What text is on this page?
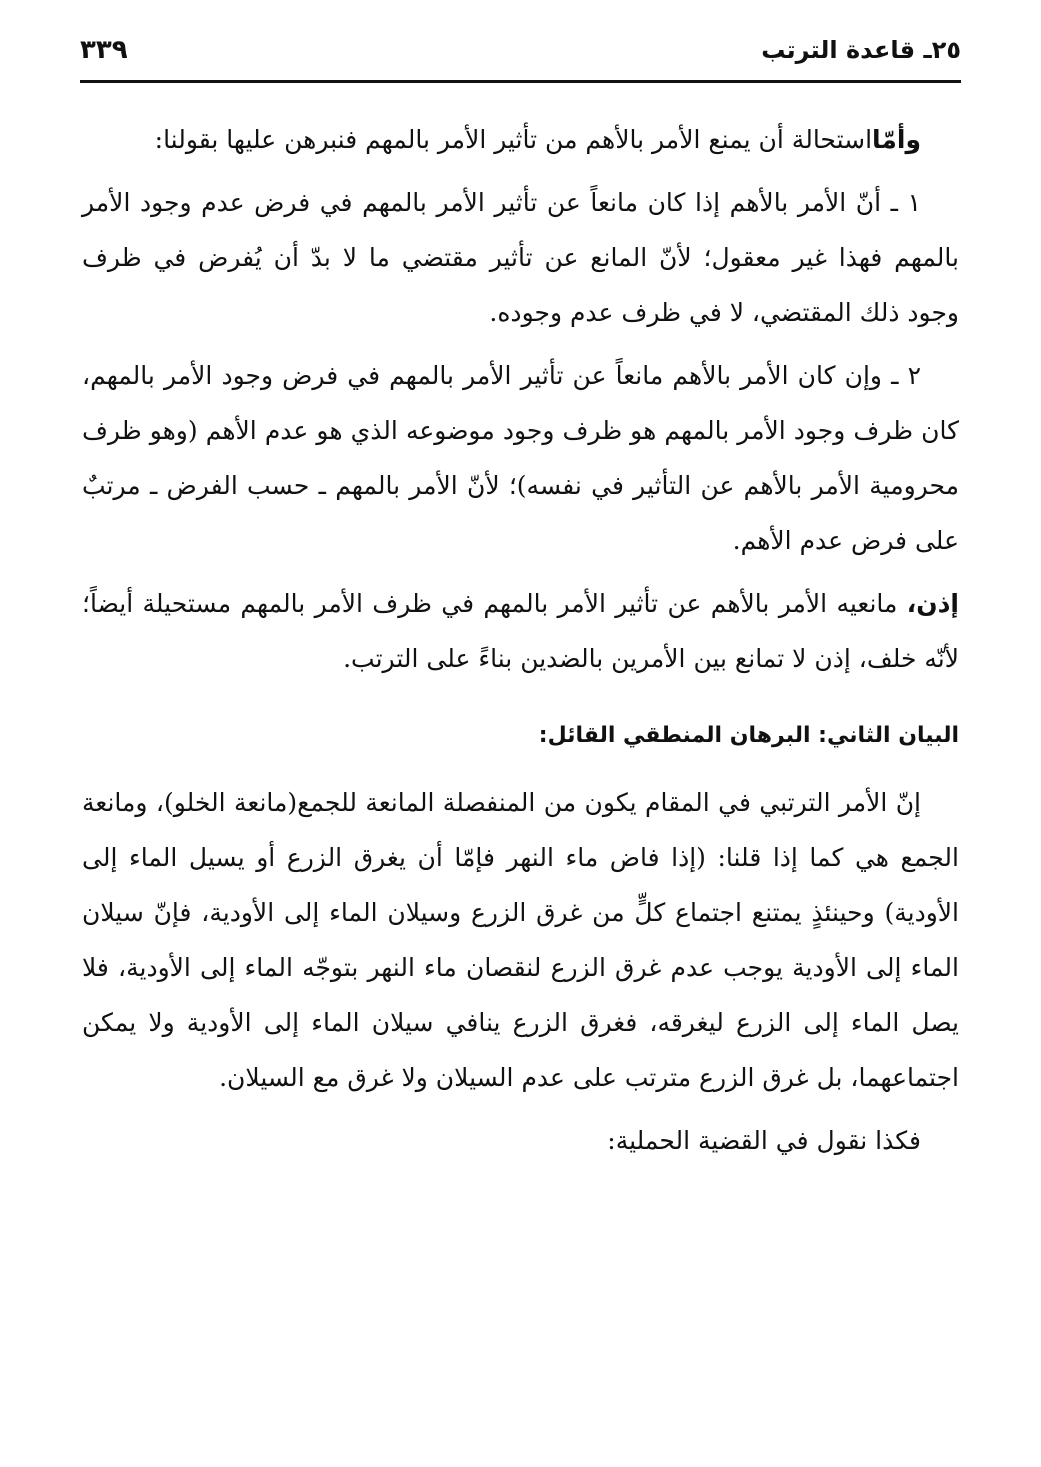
٢٥ـ قاعدة الترتب
٣٣٩

وأمّااستحالة أن يمنع الأمر بالأهم من تأثير الأمر بالمهم فنبرهن عليها بقولنا:

١ ـ أنّ الأمر بالأهم إذا كان مانعاً عن تأثير الأمر بالمهم في فرض عدم وجود الأمر بالمهم فهذا غير معقول؛ لأنّ المانع عن تأثير مقتضي ما لا بدّ أن يُفرض في ظرف وجود ذلك المقتضي، لا في ظرف عدم وجوده.

٢ ـ وإن كان الأمر بالأهم مانعاً عن تأثير الأمر بالمهم في فرض وجود الأمر بالمهم، كان ظرف وجود الأمر بالمهم هو ظرف وجود موضوعه الذي هو عدم الأهم (وهو ظرف محرومية الأمر بالأهم عن التأثير في نفسه)؛ لأنّ الأمر بالمهم ـ حسب الفرض ـ مرتبٌ على فرض عدم الأهم.

إذن، مانعيه الأمر بالأهم عن تأثير الأمر بالمهم في ظرف الأمر بالمهم مستحيلة أيضاً؛ لأنّه خلف، إذن لا تمانع بين الأمرين بالضدين بناءً على الترتب.

البيان الثاني: البرهان المنطقي القائل:

إنّ الأمر الترتبي في المقام يكون من المنفصلة المانعة للجمع(مانعة الخلو)، ومانعة الجمع هي كما إذا قلنا: (إذا فاض ماء النهر فإمّا أن يغرق الزرع أو يسيل الماء إلى الأودية) وحينئذٍ يمتنع اجتماع كلٍّ من غرق الزرع وسيلان الماء إلى الأودية، فإنّ سيلان الماء إلى الأودية يوجب عدم غرق الزرع لنقصان ماء النهر بتوجّه الماء إلى الأودية، فلا يصل الماء إلى الزرع ليغرقه، فغرق الزرع ينافي سيلان الماء إلى الأودية ولا يمكن اجتماعهما، بل غرق الزرع مترتب على عدم السيلان ولا غرق مع السيلان.

فكذا نقول في القضية الحملية:
